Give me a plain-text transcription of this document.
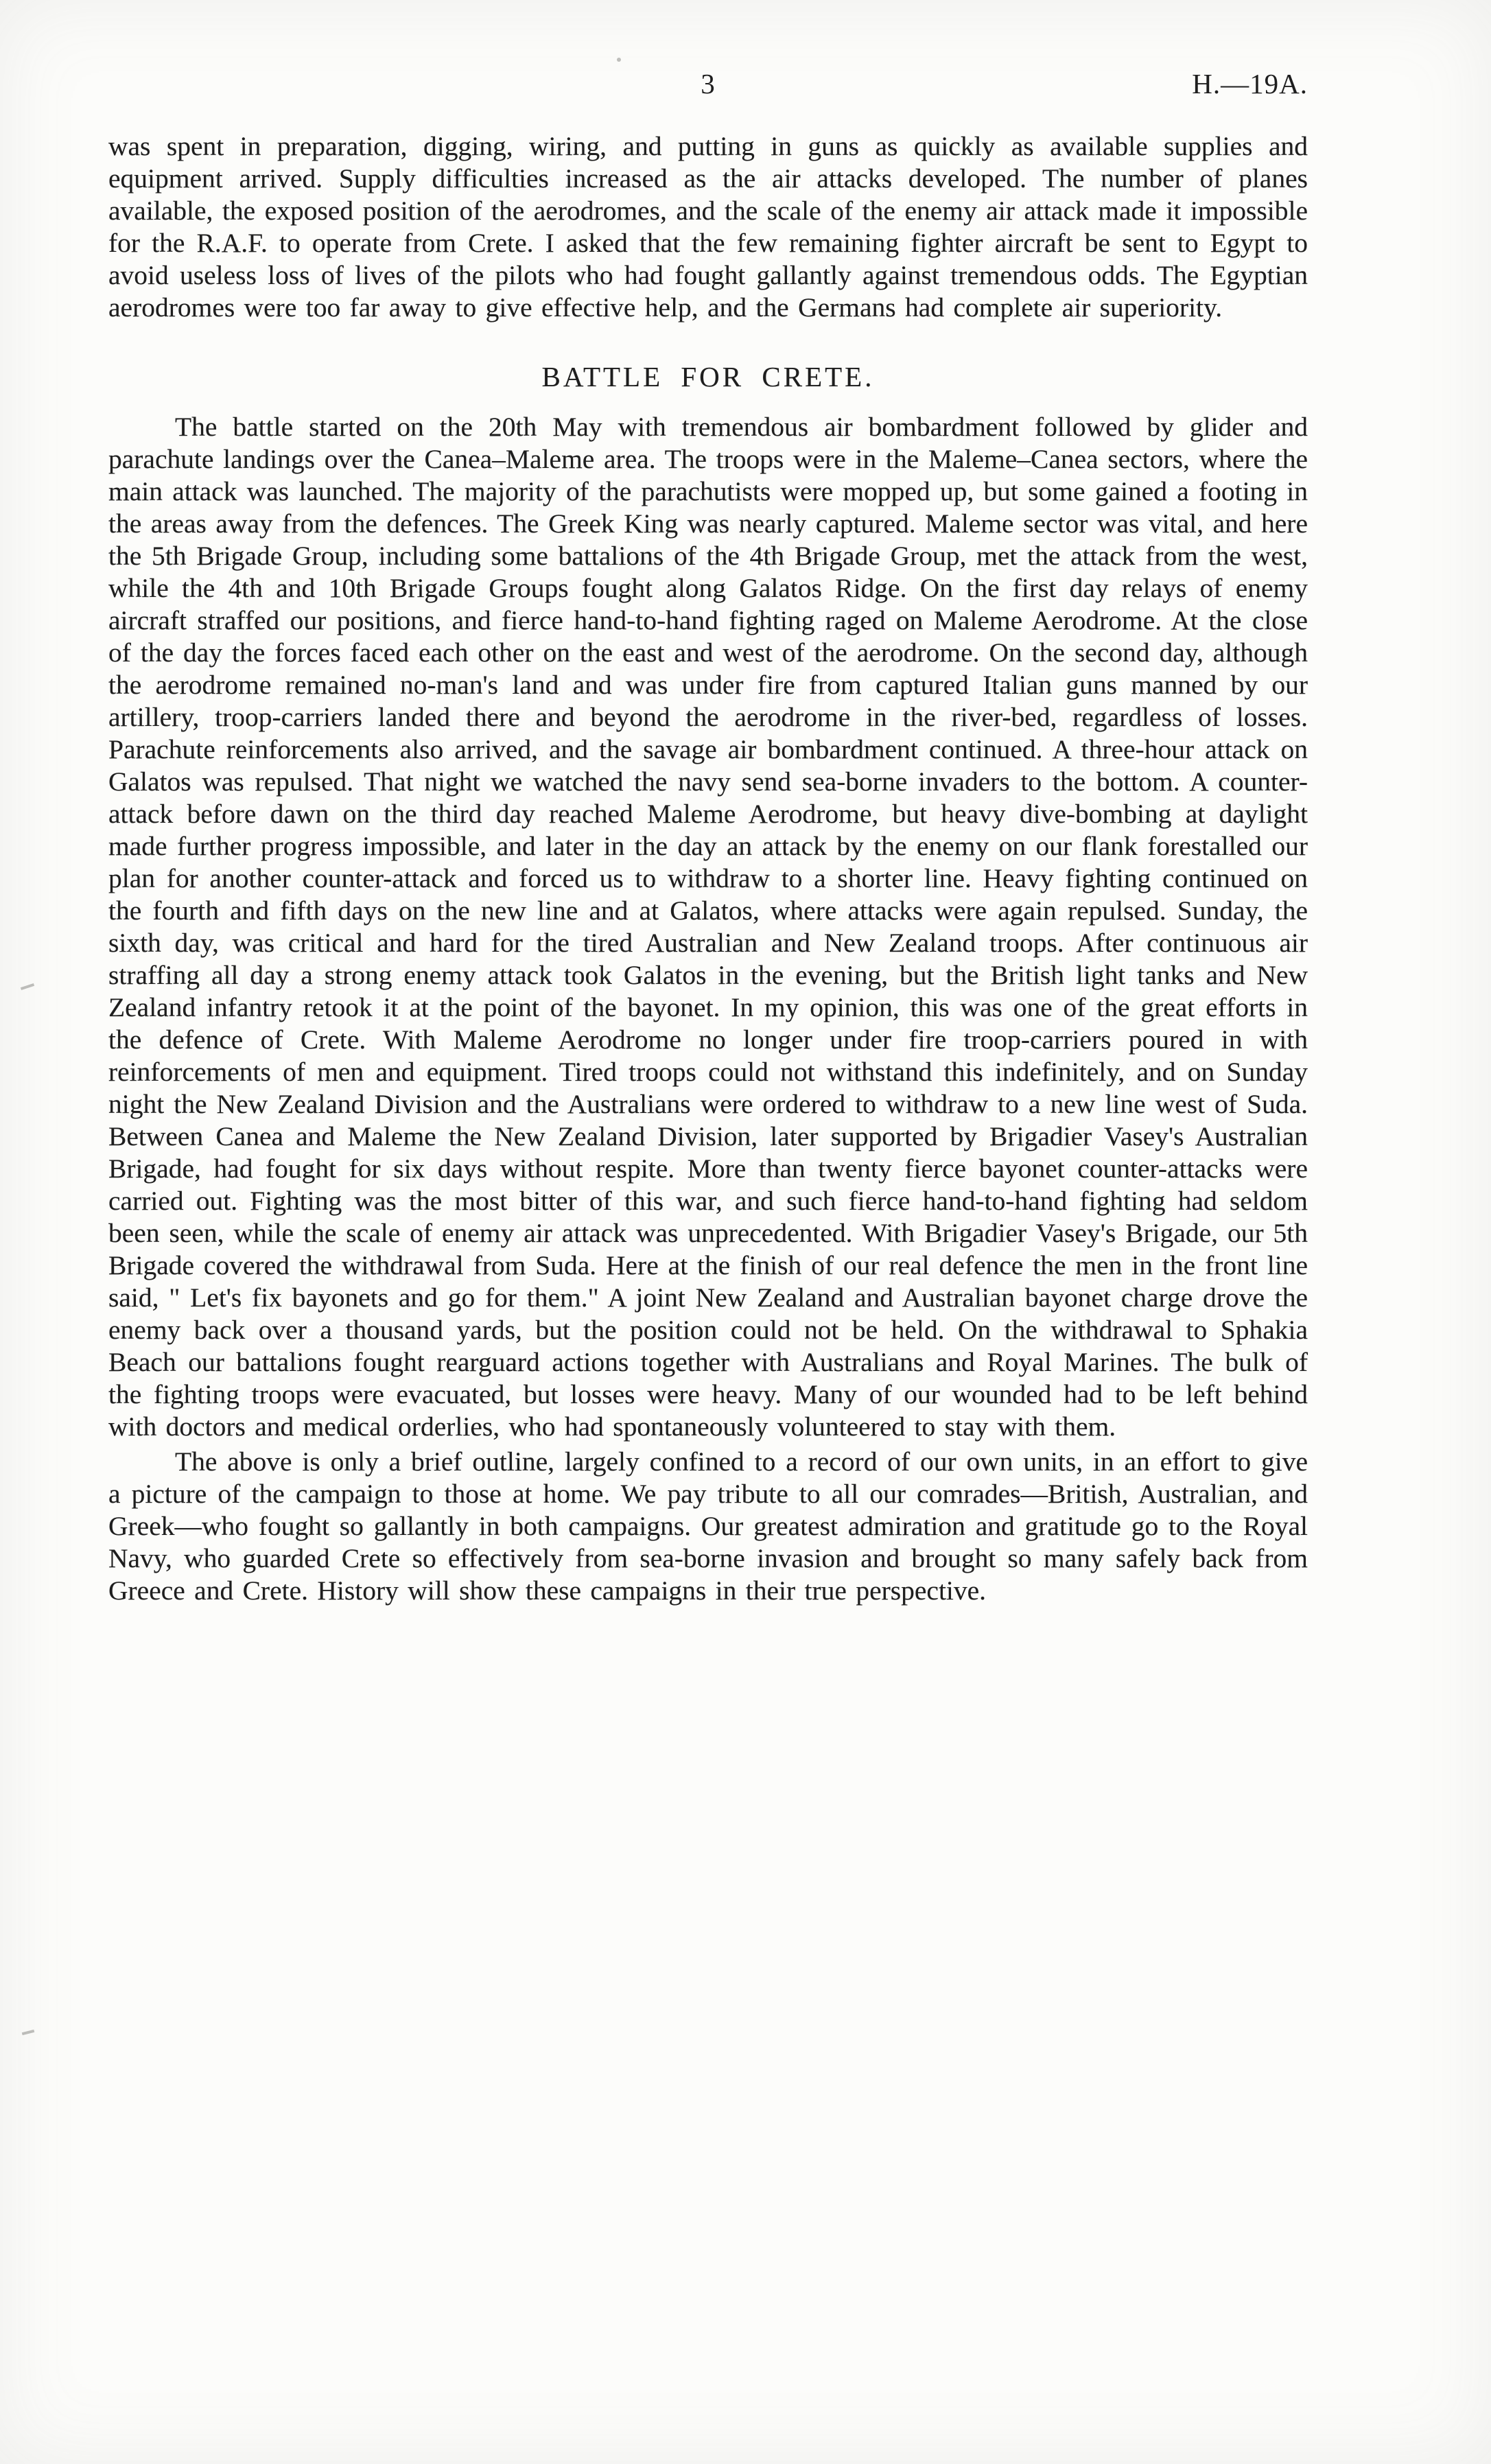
3	H.—19A.

was spent in preparation, digging, wiring, and putting in guns as quickly as available supplies and equipment arrived. Supply difficulties increased as the air attacks developed. The number of planes available, the exposed position of the aerodromes, and the scale of the enemy air attack made it impossible for the R.A.F. to operate from Crete. I asked that the few remaining fighter aircraft be sent to Egypt to avoid useless loss of lives of the pilots who had fought gallantly against tremendous odds. The Egyptian aerodromes were too far away to give effective help, and the Germans had complete air superiority.

BATTLE FOR CRETE.

The battle started on the 20th May with tremendous air bombardment followed by glider and parachute landings over the Canea–Maleme area. The troops were in the Maleme–Canea sectors, where the main attack was launched. The majority of the parachutists were mopped up, but some gained a footing in the areas away from the defences. The Greek King was nearly captured. Maleme sector was vital, and here the 5th Brigade Group, including some battalions of the 4th Brigade Group, met the attack from the west, while the 4th and 10th Brigade Groups fought along Galatos Ridge. On the first day relays of enemy aircraft straffed our positions, and fierce hand-to-hand fighting raged on Maleme Aerodrome. At the close of the day the forces faced each other on the east and west of the aerodrome. On the second day, although the aerodrome remained no-man's land and was under fire from captured Italian guns manned by our artillery, troop-carriers landed there and beyond the aerodrome in the river-bed, regardless of losses. Parachute reinforcements also arrived, and the savage air bombardment continued. A three-hour attack on Galatos was repulsed. That night we watched the navy send sea-borne invaders to the bottom. A counter-attack before dawn on the third day reached Maleme Aerodrome, but heavy dive-bombing at daylight made further progress impossible, and later in the day an attack by the enemy on our flank forestalled our plan for another counter-attack and forced us to withdraw to a shorter line. Heavy fighting continued on the fourth and fifth days on the new line and at Galatos, where attacks were again repulsed. Sunday, the sixth day, was critical and hard for the tired Australian and New Zealand troops. After continuous air straffing all day a strong enemy attack took Galatos in the evening, but the British light tanks and New Zealand infantry retook it at the point of the bayonet. In my opinion, this was one of the great efforts in the defence of Crete. With Maleme Aerodrome no longer under fire troop-carriers poured in with reinforcements of men and equipment. Tired troops could not withstand this indefinitely, and on Sunday night the New Zealand Division and the Australians were ordered to withdraw to a new line west of Suda. Between Canea and Maleme the New Zealand Division, later supported by Brigadier Vasey's Australian Brigade, had fought for six days without respite. More than twenty fierce bayonet counter-attacks were carried out. Fighting was the most bitter of this war, and such fierce hand-to-hand fighting had seldom been seen, while the scale of enemy air attack was unprecedented. With Brigadier Vasey's Brigade, our 5th Brigade covered the withdrawal from Suda. Here at the finish of our real defence the men in the front line said, " Let's fix bayonets and go for them." A joint New Zealand and Australian bayonet charge drove the enemy back over a thousand yards, but the position could not be held. On the withdrawal to Sphakia Beach our battalions fought rearguard actions together with Australians and Royal Marines. The bulk of the fighting troops were evacuated, but losses were heavy. Many of our wounded had to be left behind with doctors and medical orderlies, who had spontaneously volunteered to stay with them.

The above is only a brief outline, largely confined to a record of our own units, in an effort to give a picture of the campaign to those at home. We pay tribute to all our comrades—British, Australian, and Greek—who fought so gallantly in both campaigns. Our greatest admiration and gratitude go to the Royal Navy, who guarded Crete so effectively from sea-borne invasion and brought so many safely back from Greece and Crete. History will show these campaigns in their true perspective.
